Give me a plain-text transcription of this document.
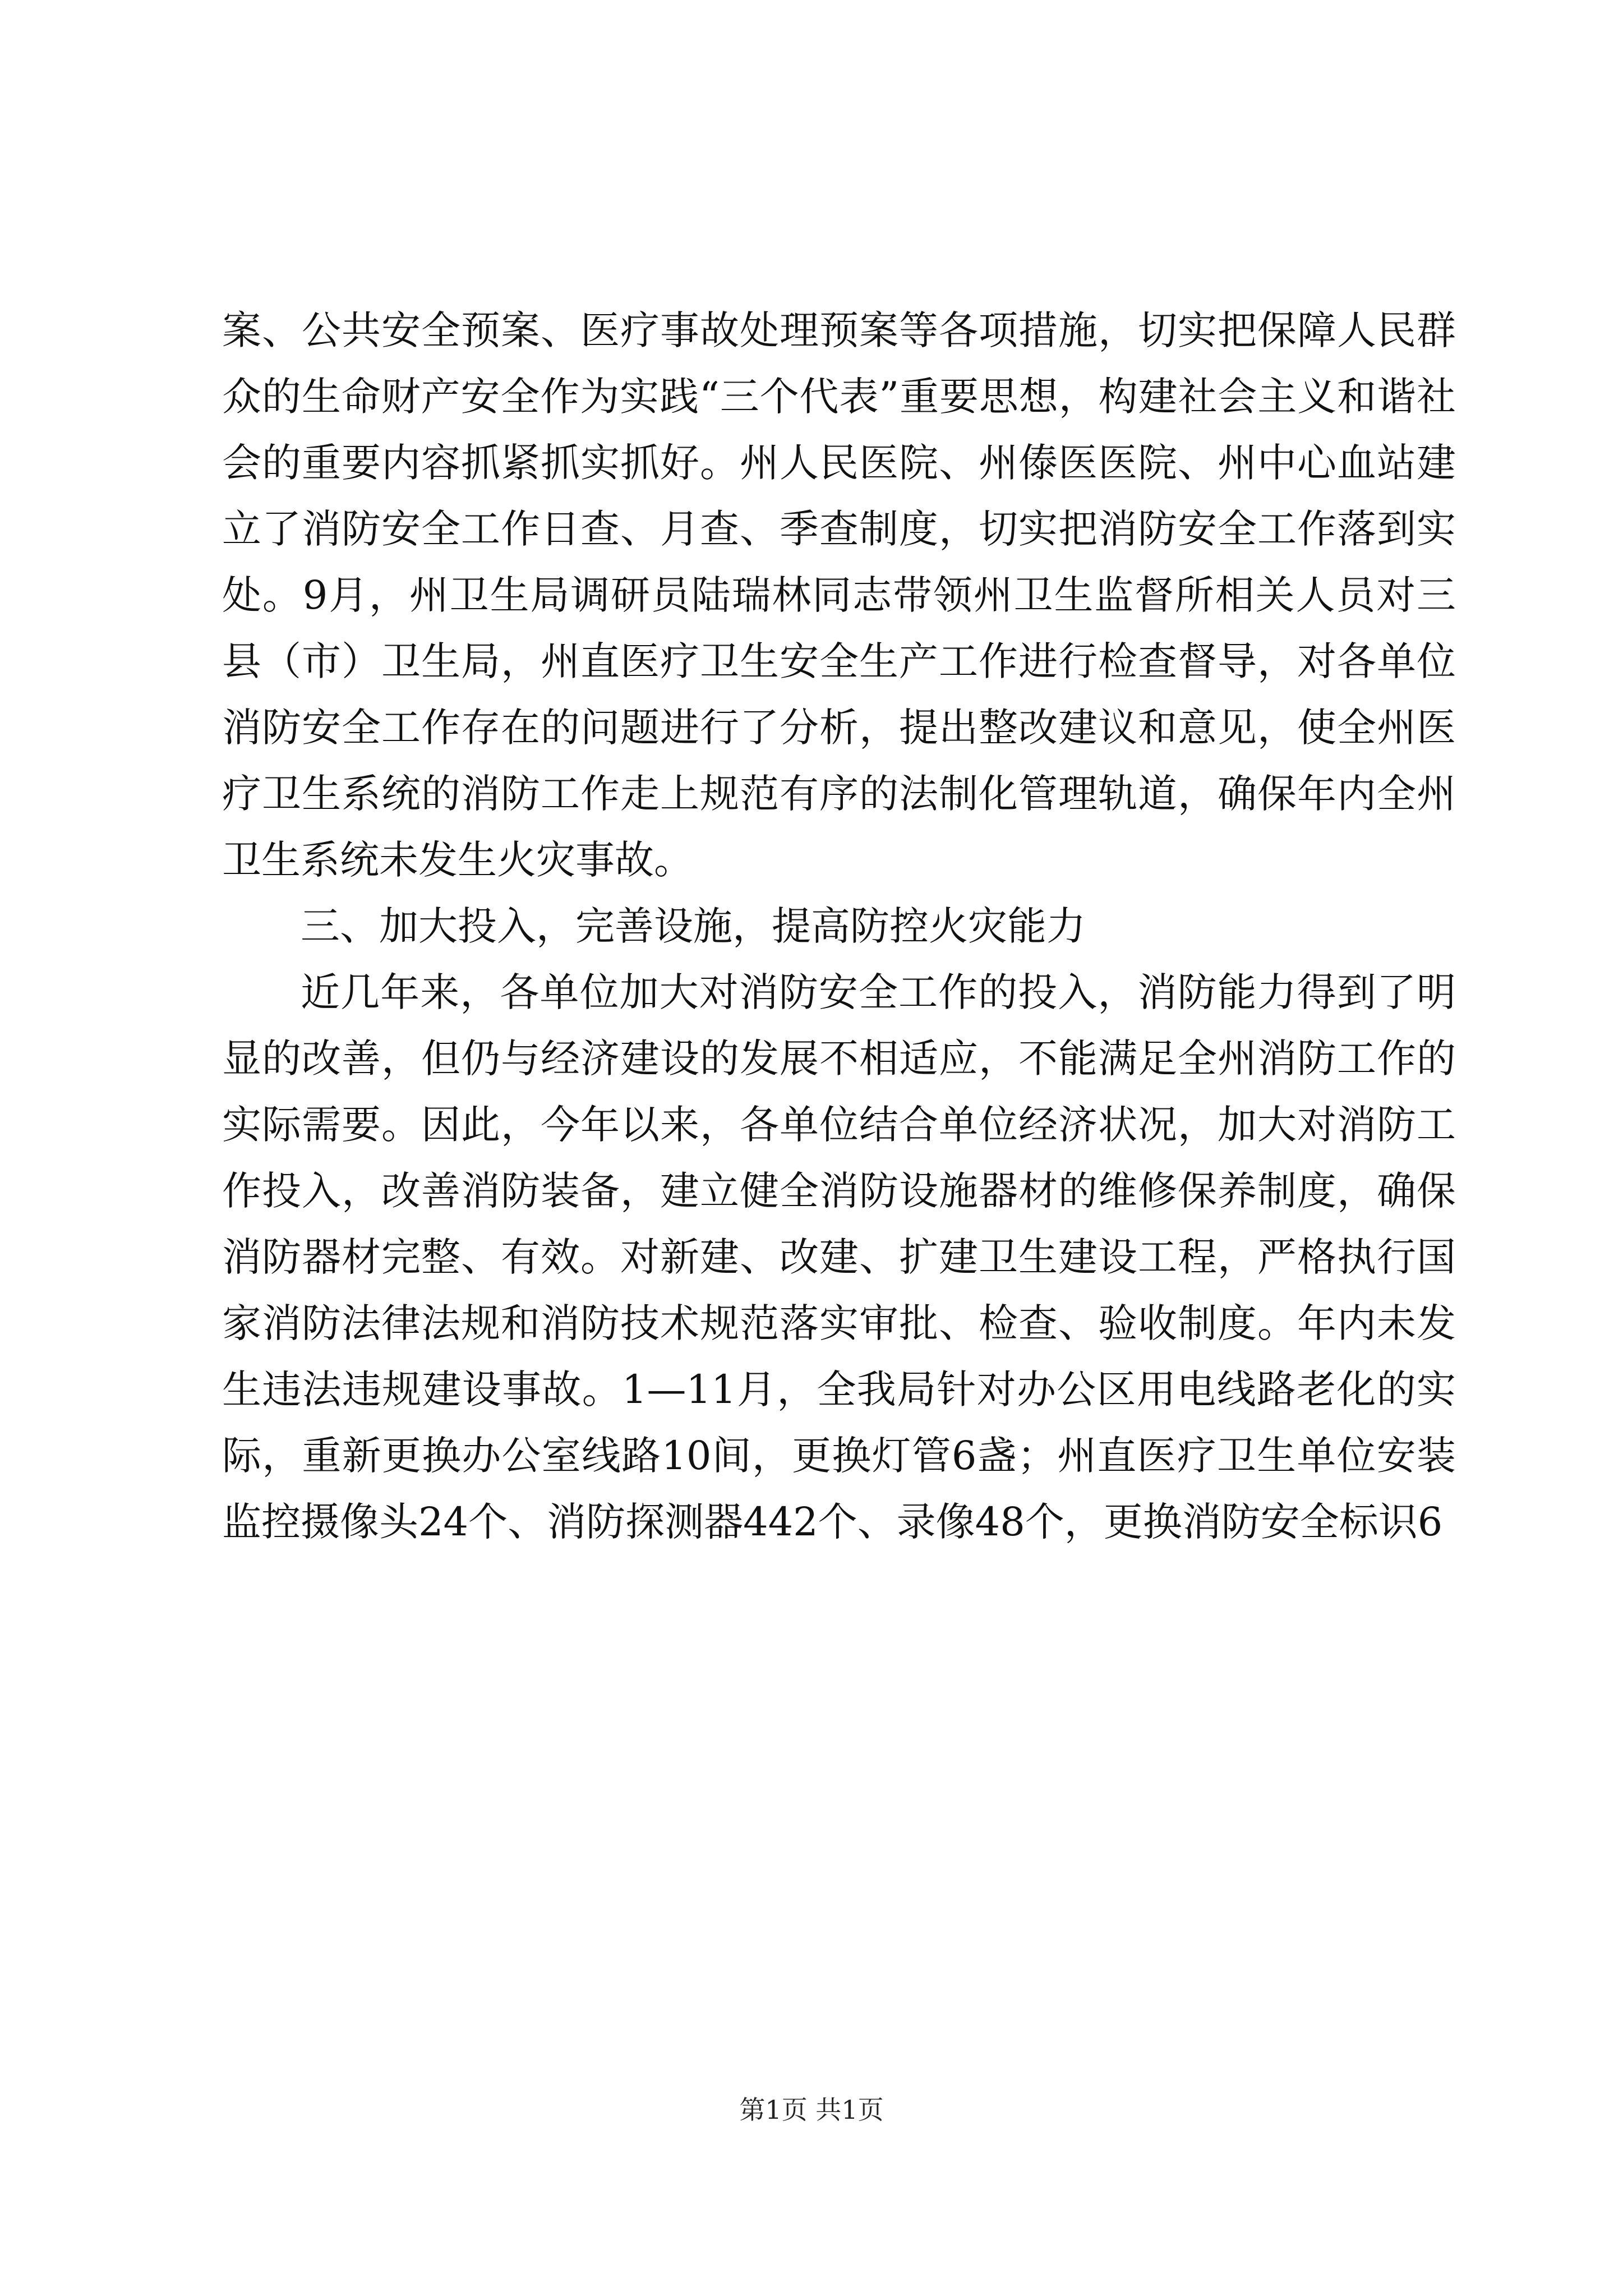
案、公共安全预案、医疗事故处理预案等各项措施，切实把保障人民群众的生命财产安全作为实践“三个代表”重要思想，构建社会主义和谐社会的重要内容抓紧抓实抓好。州人民医院、州傣医医院、州中心血站建立了消防安全工作日查、月查、季查制度，切实把消防安全工作落到实处。9月，州卫生局调研员陆瑞林同志带领州卫生监督所相关人员对三县（市）卫生局，州直医疗卫生安全生产工作进行检查督导，对各单位消防安全工作存在的问题进行了分析，提出整改建议和意见，使全州医疗卫生系统的消防工作走上规范有序的法制化管理轨道，确保年内全州卫生系统未发生火灾事故。

三、加大投入，完善设施，提高防控火灾能力

近几年来，各单位加大对消防安全工作的投入，消防能力得到了明显的改善，但仍与经济建设的发展不相适应，不能满足全州消防工作的实际需要。因此，今年以来，各单位结合单位经济状况，加大对消防工作投入，改善消防装备，建立健全消防设施器材的维修保养制度，确保消防器材完整、有效。对新建、改建、扩建卫生建设工程，严格执行国家消防法律法规和消防技术规范落实审批、检查、验收制度。年内未发生违法违规建设事故。1—11月，全我局针对办公区用电线路老化的实际，重新更换办公室线路10间，更换灯管6盏；州直医疗卫生单位安装监控摄像头24个、消防探测器442个、录像48个，更换消防安全标识6

第1页 共1页
